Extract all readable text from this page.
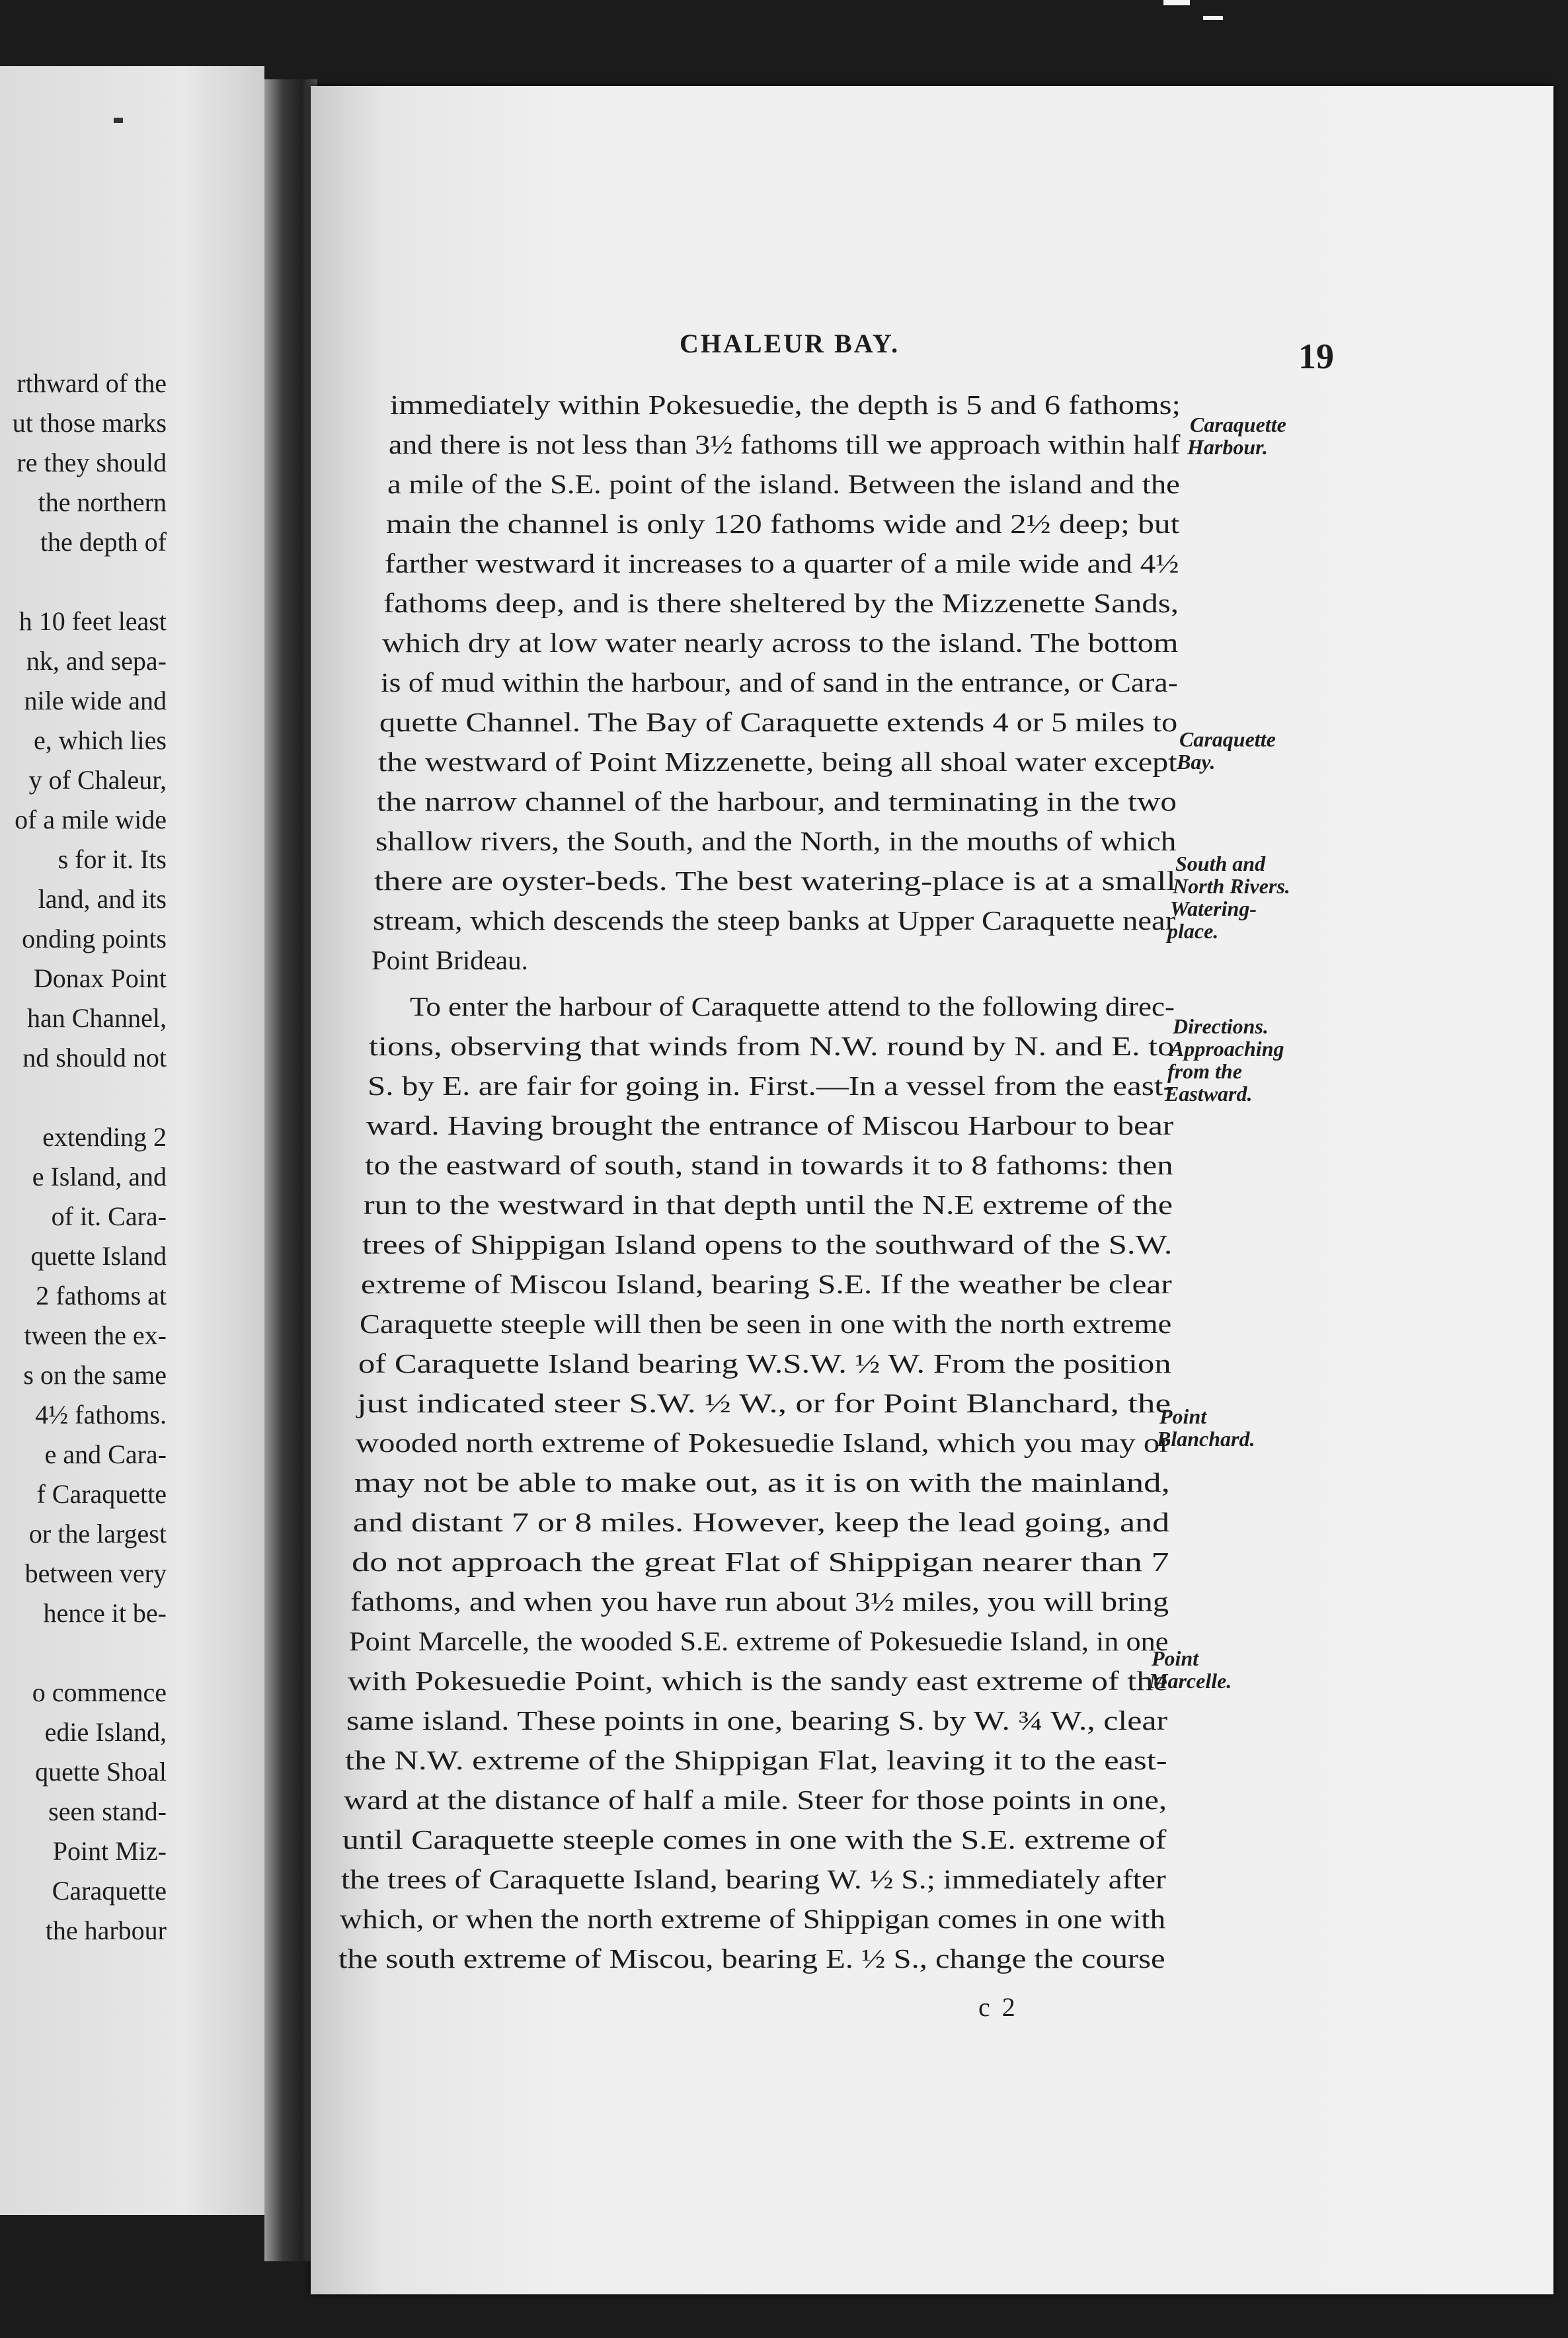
rthward of the
ut those marks
re they should
the northern
the depth of
h 10 feet least
nk, and sepa-
nile wide and
e, which lies
y of Chaleur,
of a mile wide
s for it. Its
land, and its
onding points
Donax Point
han Channel,
nd should not
extending 2
e Island, and
of it. Cara-
quette Island
2 fathoms at
tween the ex-
s on the same
4½ fathoms.
e and Cara-
f Caraquette
or the largest
between very
hence it be-
o commence
edie Island,
quette Shoal
seen stand-
Point Miz-
Caraquette
the harbour
CHALEUR BAY.	19
immediately within Pokesuedie, the depth is 5 and 6 fathoms;
and there is not less than 3½ fathoms till we approach within half
a mile of the S.E. point of the island. Between the island and the
main the channel is only 120 fathoms wide and 2½ deep; but
farther westward it increases to a quarter of a mile wide and 4½
fathoms deep, and is there sheltered by the Mizzenette Sands,
which dry at low water nearly across to the island. The bottom
is of mud within the harbour, and of sand in the entrance, or Cara-
quette Channel. The Bay of Caraquette extends 4 or 5 miles to
the westward of Point Mizzenette, being all shoal water except
the narrow channel of the harbour, and terminating in the two
shallow rivers, the South, and the North, in the mouths of which
there are oyster-beds. The best watering-place is at a small
stream, which descends the steep banks at Upper Caraquette near
Point Brideau.
To enter the harbour of Caraquette attend to the following direc-
tions, observing that winds from N.W. round by N. and E. to
S. by E. are fair for going in. First.—In a vessel from the east-
ward. Having brought the entrance of Miscou Harbour to bear
to the eastward of south, stand in towards it to 8 fathoms: then
run to the westward in that depth until the N.E extreme of the
trees of Shippigan Island opens to the southward of the S.W.
extreme of Miscou Island, bearing S.E. If the weather be clear
Caraquette steeple will then be seen in one with the north extreme
of Caraquette Island bearing W.S.W. ½ W. From the position
just indicated steer S.W. ½ W., or for Point Blanchard, the
wooded north extreme of Pokesuedie Island, which you may or
may not be able to make out, as it is on with the mainland,
and distant 7 or 8 miles. However, keep the lead going, and
do not approach the great Flat of Shippigan nearer than 7
fathoms, and when you have run about 3½ miles, you will bring
Point Marcelle, the wooded S.E. extreme of Pokesuedie Island, in one
with Pokesuedie Point, which is the sandy east extreme of the
same island. These points in one, bearing S. by W. ¾ W., clear
the N.W. extreme of the Shippigan Flat, leaving it to the east-
ward at the distance of half a mile. Steer for those points in one,
until Caraquette steeple comes in one with the S.E. extreme of
the trees of Caraquette Island, bearing W. ½ S.; immediately after
which, or when the north extreme of Shippigan comes in one with
the south extreme of Miscou, bearing E. ½ S., change the course
Caraquette
Harbour.
Caraquette
Bay.
South and
North Rivers.
Watering-
place.
Directions.
Approaching
from the
Eastward.
Point
Blanchard.
Point
Marcelle.
c 2
